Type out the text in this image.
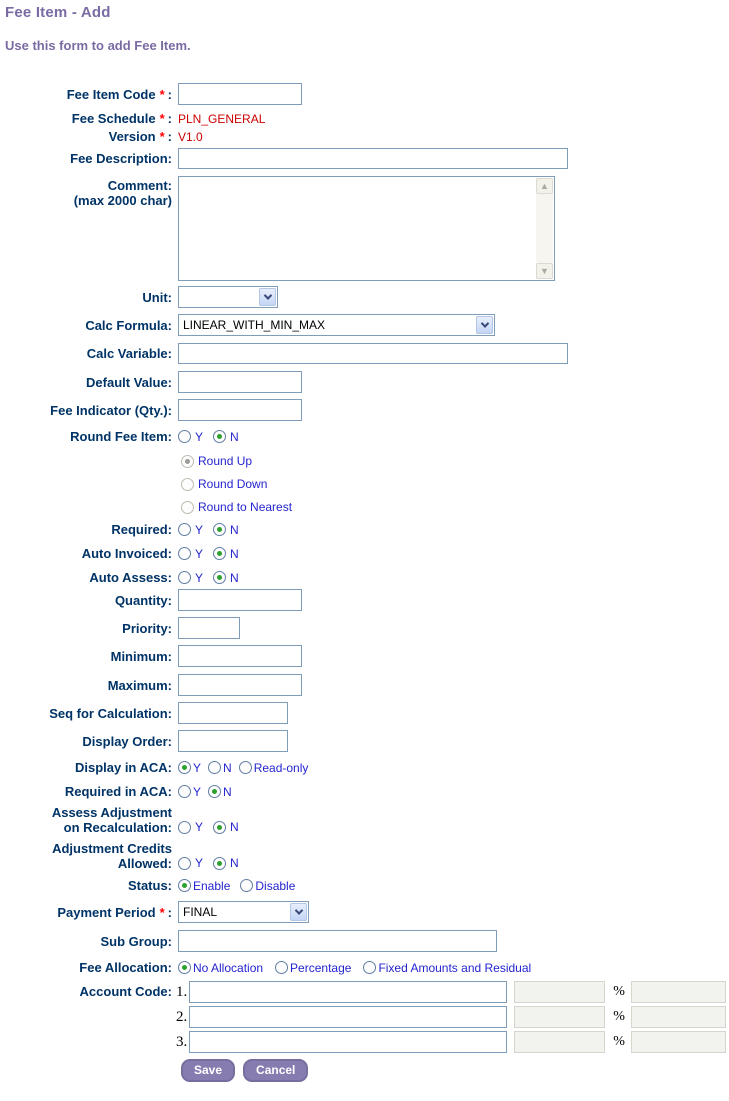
Fee Item - Add
Use this form to add Fee Item.
Fee Item Code * :
Fee Schedule * : PLN_GENERAL
Version * : V1.0
Fee Description:
Comment:
(max 2000 char)
▲
▼
Unit:
Calc Formula: LINEAR_WITH_MIN_MAX
Calc Variable:
Default Value:
Fee Indicator (Qty.):
Round Fee Item: Y N
Round Up
Round Down
Round to Nearest
Required: Y N
Auto Invoiced: Y N
Auto Assess: Y N
Quantity:
Priority:
Minimum:
Maximum:
Seq for Calculation:
Display Order:
Display in ACA: Y N Read-only
Required in ACA: Y N
Assess Adjustment
on Recalculation: Y N
Adjustment Credits
Allowed: Y N
Status: Enable Disable
Payment Period * : FINAL
Sub Group:
Fee Allocation: No Allocation Percentage Fixed Amounts and Residual
Account Code: 1.	%
2.	%
3.	%
Save	Cancel
